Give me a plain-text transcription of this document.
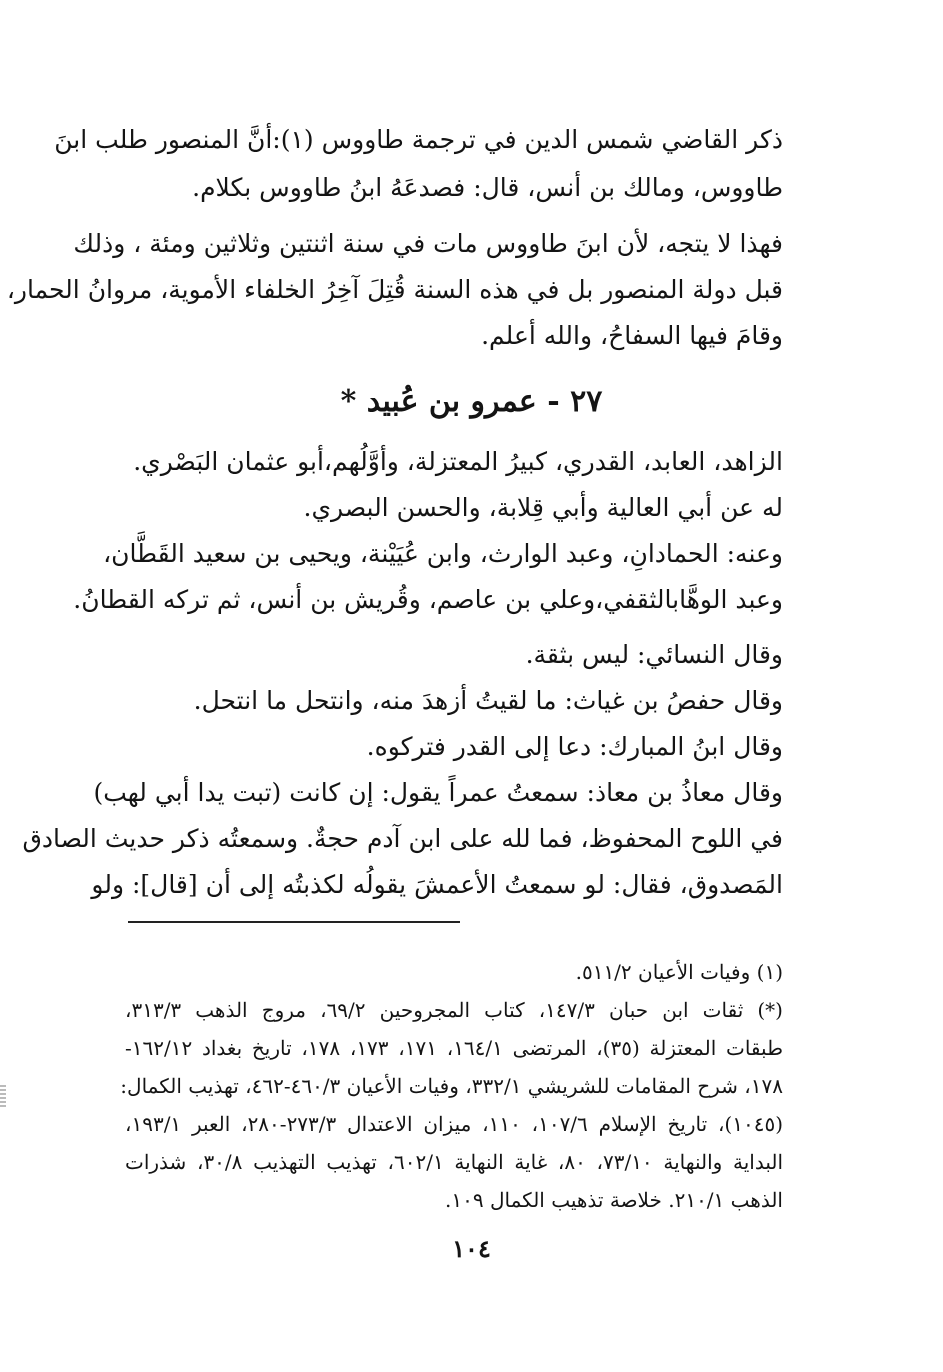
ذكر القاضي شمس الدين في ترجمة طاووس (١):أنَّ المنصور طلب ابنَ
طاووس، ومالك بن أنس، قال: فصدعَهُ ابنُ طاووس بكلام.
فهذا لا يتجه، لأن ابنَ طاووس مات في سنة اثنتين وثلاثين ومئة ، وذلك
قبل دولة المنصور بل في هذه السنة قُتِلَ آخِرُ الخلفاء الأموية، مروانُ الحمار،
وقامَ فيها السفاحُ، والله أعلم.
٢٧ - عمرو بن عُبيد *
الزاهد، العابد، القدري، كبيرُ المعتزلة، وأوَّلُهم،أبو عثمان البَصْري.
له عن أبي العالية وأبي قِلابة، والحسن البصري.
وعنه: الحمادانِ، وعبد الوارث، وابن عُيَيْنة، ويحيى بن سعيد القَطَّان،
وعبد الوهَّابالثقفي،وعلي بن عاصم، وقُريش بن أنس، ثم تركه القطانُ.
وقال النسائي: ليس بثقة.
وقال حفصُ بن غياث: ما لقيتُ أزهدَ منه، وانتحل ما انتحل.
وقال ابنُ المبارك: دعا إلى القدر فتركوه.
وقال معاذُ بن معاذ: سمعتُ عمراً يقول: إن كانت (تبت يدا أبي لهب)
في اللوح المحفوظ، فما لله على ابن آدم حجةٌ. وسمعتُه ذكر حديث الصادق
المَصدوق، فقال: لو سمعتُ الأعمشَ يقولُه لكذبتُه إلى أن [قال]: ولو
(١) وفيات الأعيان ٥١١/٢.
(*) ثقات ابن حبان ١٤٧/٣، كتاب المجروحين ٦٩/٢، مروج الذهب ٣١٣/٣،
طبقات المعتزلة (٣٥)، المرتضى ١٦٤/١، ١٧١، ١٧٣، ١٧٨، تاريخ بغداد ١٦٢/١٢-
١٧٨، شرح المقامات للشريشي ٣٣٢/١، وفيات الأعيان ٤٦٠/٣-٤٦٢، تهذيب الكمال:
(١٠٤٥)، تاريخ الإسلام ١٠٧/٦، ١١٠، ميزان الاعتدال ٢٧٣/٣-٢٨٠، العبر ١٩٣/١،
البداية والنهاية ٧٣/١٠، ٨٠، غاية النهاية ٦٠٢/١، تهذيب التهذيب ٣٠/٨، شذرات
الذهب ٢١٠/١. خلاصة تذهيب الكمال ١٠٩.
١٠٤
